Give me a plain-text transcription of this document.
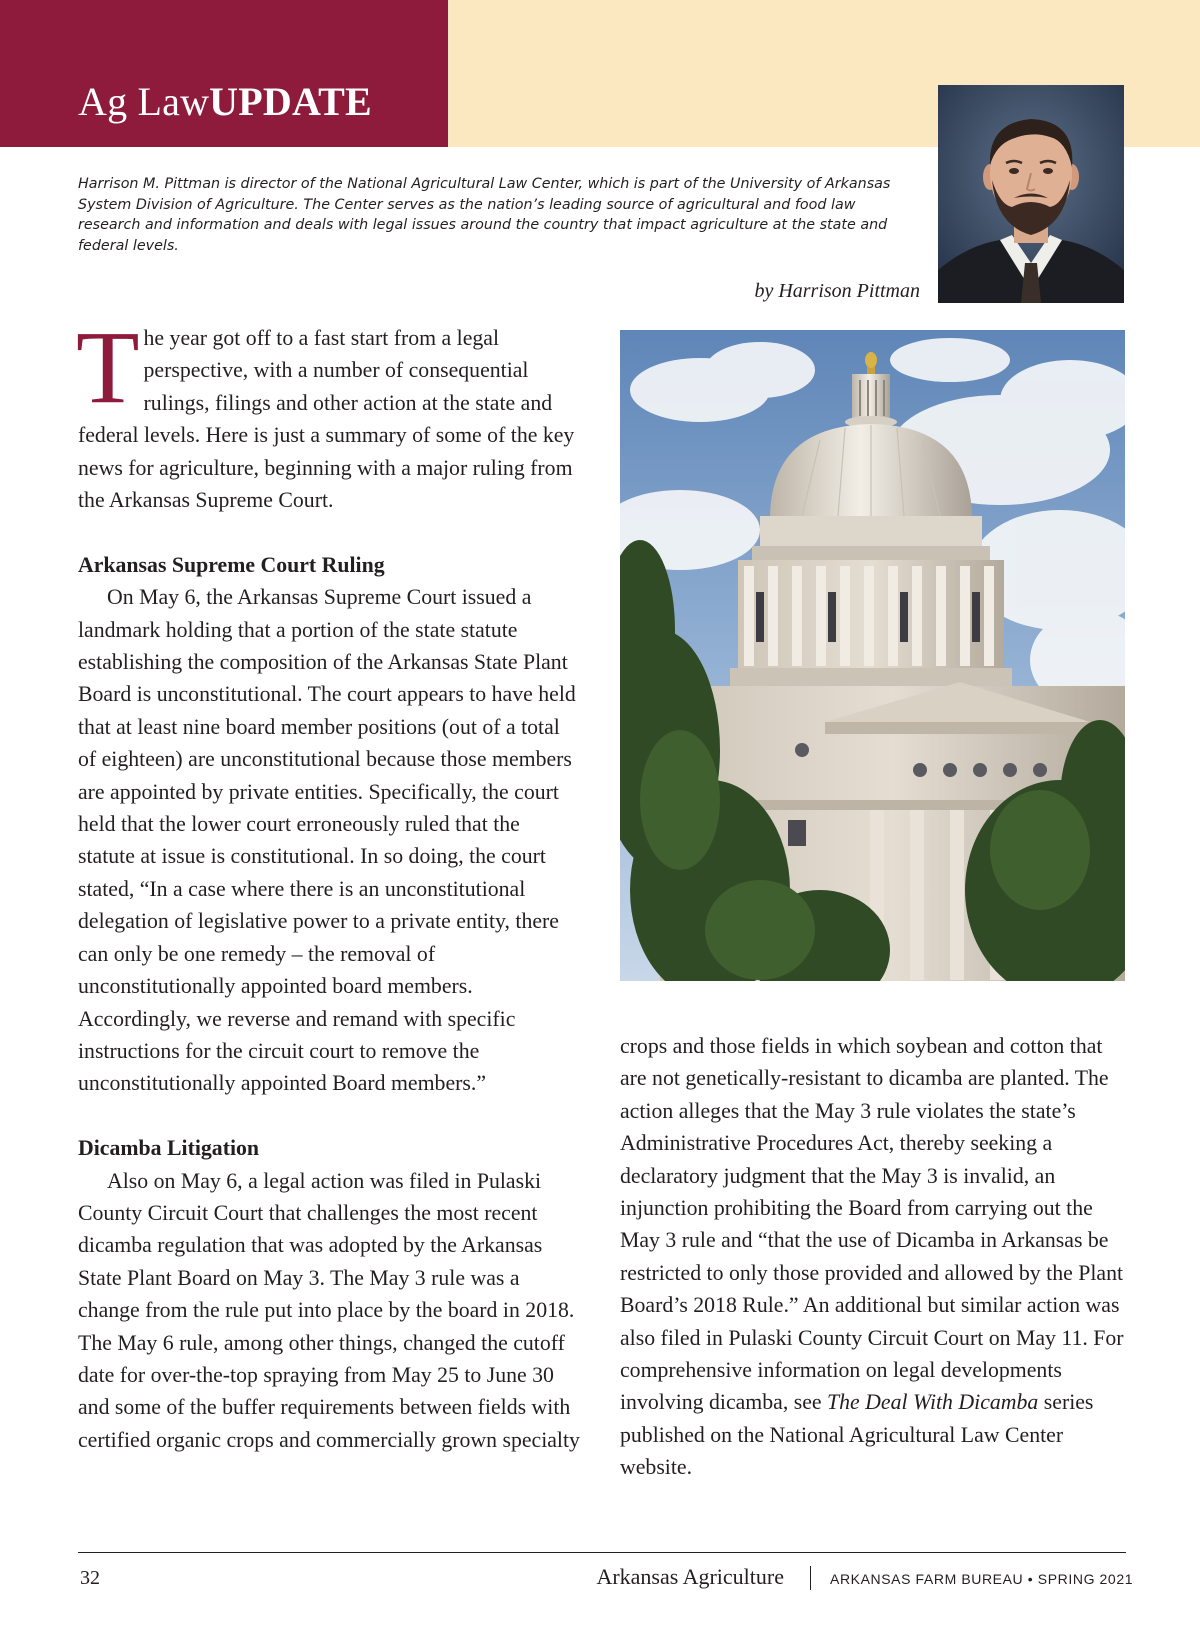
Ag LawUPDATE

Harrison M. Pittman is director of the National Agricultural Law Center, which is part of the University of Arkansas System Division of Agriculture. The Center serves as the nation’s leading source of agricultural and food law research and information and deals with legal issues around the country that impact agriculture at the state and federal levels.

by Harrison Pittman

The year got off to a fast start from a legal perspective, with a number of consequential rulings, filings and other action at the state and federal levels. Here is just a summary of some of the key news for agriculture, beginning with a major ruling from the Arkansas Supreme Court.

Arkansas Supreme Court Ruling

On May 6, the Arkansas Supreme Court issued a landmark holding that a portion of the state statute establishing the composition of the Arkansas State Plant Board is unconstitutional. The court appears to have held that at least nine board member positions (out of a total of eighteen) are unconstitutional because those members are appointed by private entities. Specifically, the court held that the lower court erroneously ruled that the statute at issue is constitutional. In so doing, the court stated, “In a case where there is an unconstitutional delegation of legislative power to a private entity, there can only be one remedy – the removal of unconstitutionally appointed board members. Accordingly, we reverse and remand with specific instructions for the circuit court to remove the unconstitutionally appointed Board members.”

Dicamba Litigation

Also on May 6, a legal action was filed in Pulaski County Circuit Court that challenges the most recent dicamba regulation that was adopted by the Arkansas State Plant Board on May 3. The May 3 rule was a change from the rule put into place by the board in 2018. The May 6 rule, among other things, changed the cutoff date for over-the-top spraying from May 25 to June 30 and some of the buffer requirements between fields with certified organic crops and commercially grown specialty

crops and those fields in which soybean and cotton that are not genetically-resistant to dicamba are planted. The action alleges that the May 3 rule violates the state’s Administrative Procedures Act, thereby seeking a declaratory judgment that the May 3 is invalid, an injunction prohibiting the Board from carrying out the May 3 rule and “that the use of Dicamba in Arkansas be restricted to only those provided and allowed by the Plant Board’s 2018 Rule.” An additional but similar action was also filed in Pulaski County Circuit Court on May 11. For comprehensive information on legal developments involving dicamba, see The Deal With Dicamba series published on the National Agricultural Law Center website.

32	Arkansas Agriculture	ARKANSAS FARM BUREAU • SPRING 2021
